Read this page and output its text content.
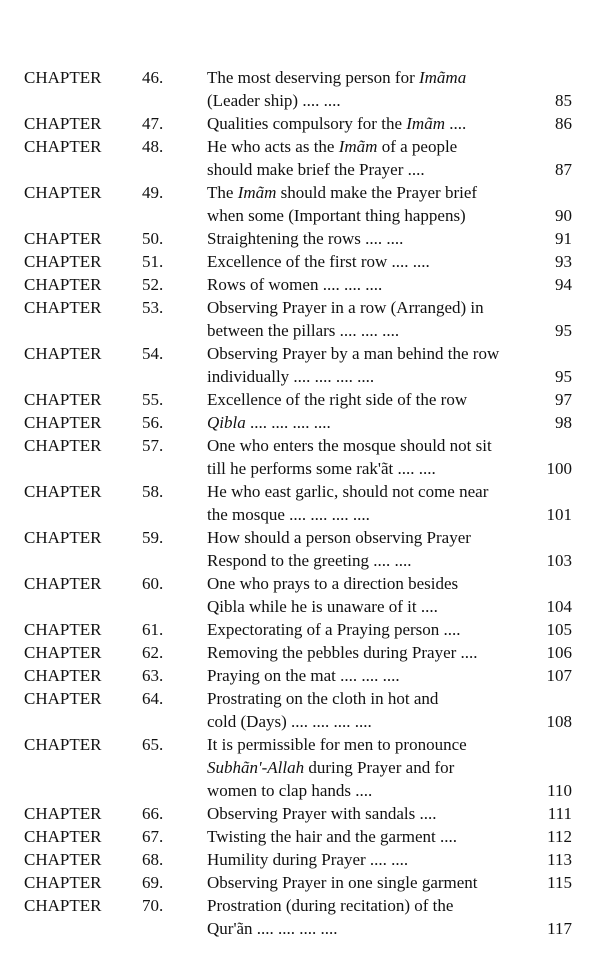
CHAPTER 46.	The most deserving person for Imãma
(Leader ship) .... ....	85
CHAPTER 47.	Qualities compulsory for the Imãm ....	86
CHAPTER 48.	He who acts as the Imãm of a people
should make brief the Prayer ....	87
CHAPTER 49.	The Imãm should make the Prayer brief
when some (Important thing happens)	90
CHAPTER 50.	Straightening the rows .... ....	91
CHAPTER 51.	Excellence of the first row .... ....	93
CHAPTER 52.	Rows of women .... .... ....	94
CHAPTER 53.	Observing Prayer in a row (Arranged) in
between the pillars .... .... ....	95
CHAPTER 54.	Observing Prayer by a man behind the row
individually .... .... .... ....	95
CHAPTER 55.	Excellence of the right side of the row	97
CHAPTER 56.	Qibla .... .... .... ....	98
CHAPTER 57.	One who enters the mosque should not sit
till he performs some rak'ãt .... ....	100
CHAPTER 58.	He who east garlic, should not come near
the mosque .... .... .... ....	101
CHAPTER 59.	How should a person observing Prayer
Respond to the greeting .... ....	103
CHAPTER 60.	One who prays to a direction besides
Qibla while he is unaware of it ....	104
CHAPTER 61.	Expectorating of a Praying person ....	105
CHAPTER 62.	Removing the pebbles during Prayer ....	106
CHAPTER 63.	Praying on the mat .... .... ....	107
CHAPTER 64.	Prostrating on the cloth in hot and
cold (Days) .... .... .... ....	108
CHAPTER 65.	It is permissible for men to pronounce
Subhãn'-Allah during Prayer and for
women to clap hands ....	110
CHAPTER 66.	Observing Prayer with sandals ....	111
CHAPTER 67.	Twisting the hair and the garment ....	112
CHAPTER 68.	Humility during Prayer .... ....	113
CHAPTER 69.	Observing Prayer in one single garment	115
CHAPTER 70.	Prostration (during recitation) of the
Qur'ãn .... .... .... ....	117
